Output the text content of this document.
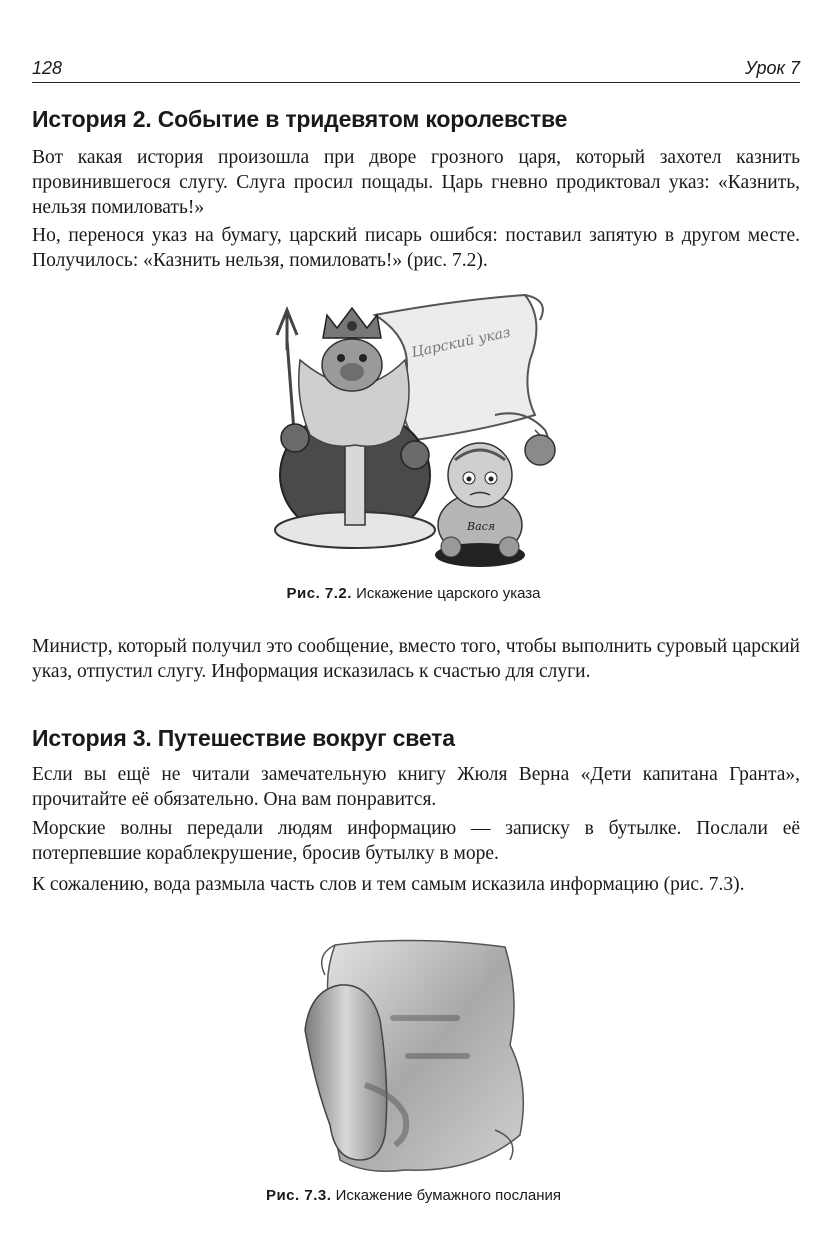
128	Урок 7
История 2. Событие в тридевятом королевстве

Вот какая история произошла при дворе грозного царя, который захотел казнить провинившегося слугу. Слуга просил пощады. Царь гневно продиктовал указ: «Казнить, нельзя помиловать!»

Но, перенося указ на бумагу, царский писарь ошибся: поставил запятую в другом месте. Получилось: «Казнить нельзя, помиловать!» (рис. 7.2).

Царский указ
Вася
Рис. 7.2. Искажение царского указа

Министр, который получил это сообщение, вместо того, чтобы выполнить суровый царский указ, отпустил слугу. Информация исказилась к счастью для слуги.

История 3. Путешествие вокруг света

Если вы ещё не читали замечательную книгу Жюля Верна «Дети капитана Гранта», прочитайте её обязательно. Она вам понравится.

Морские волны передали людям информацию — записку в бутылке. Послали её потерпевшие кораблекрушение, бросив бутылку в море.

К сожалению, вода размыла часть слов и тем самым исказила информацию (рис. 7.3).

Рис. 7.3. Искажение бумажного послания
